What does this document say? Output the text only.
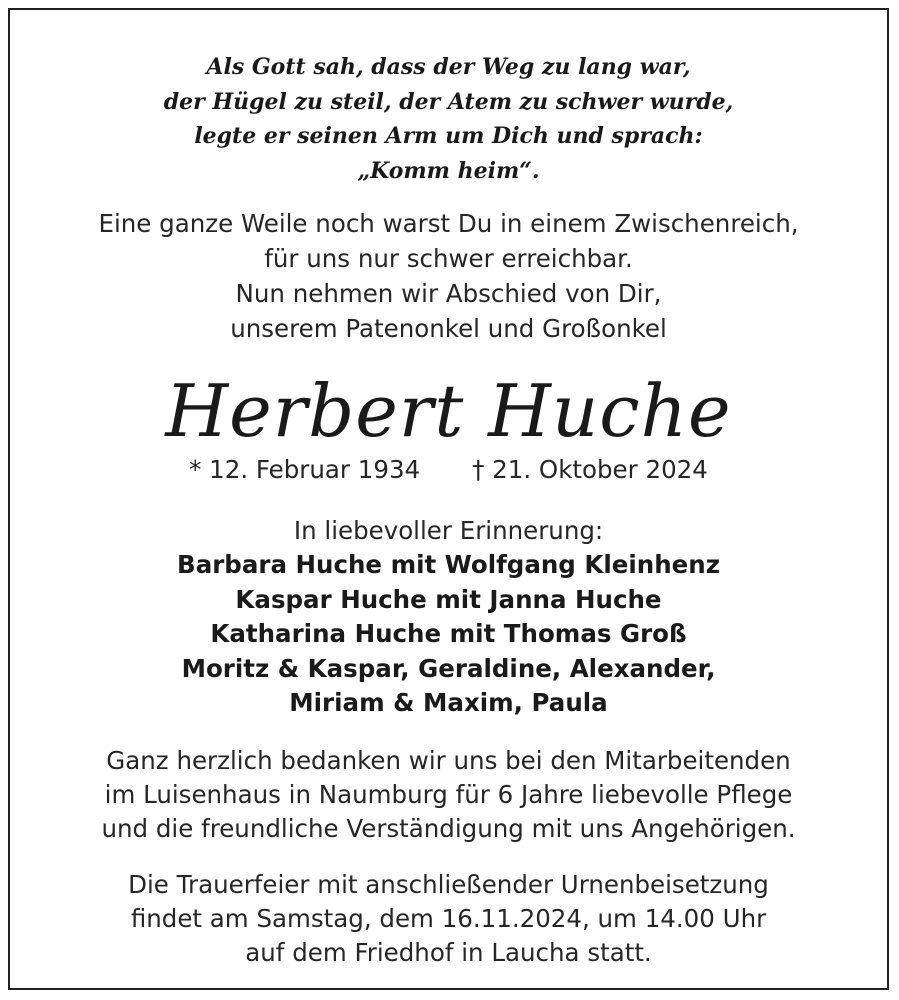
Als Gott sah, dass der Weg zu lang war,
der Hügel zu steil, der Atem zu schwer wurde,
legte er seinen Arm um Dich und sprach:
„Komm heim“.
Eine ganze Weile noch warst Du in einem Zwischenreich,
für uns nur schwer erreichbar.
Nun nehmen wir Abschied von Dir,
unserem Patenonkel und Großonkel
Herbert Huche
* 12. Februar 1934 † 21. Oktober 2024
In liebevoller Erinnerung:
Barbara Huche mit Wolfgang Kleinhenz
Kaspar Huche mit Janna Huche
Katharina Huche mit Thomas Groß
Moritz & Kaspar, Geraldine, Alexander,
Miriam & Maxim, Paula
Ganz herzlich bedanken wir uns bei den Mitarbeitenden
im Luisenhaus in Naumburg für 6 Jahre liebevolle Pflege
und die freundliche Verständigung mit uns Angehörigen.
Die Trauerfeier mit anschließender Urnenbeisetzung
findet am Samstag, dem 16.11.2024, um 14.00 Uhr
auf dem Friedhof in Laucha statt.
